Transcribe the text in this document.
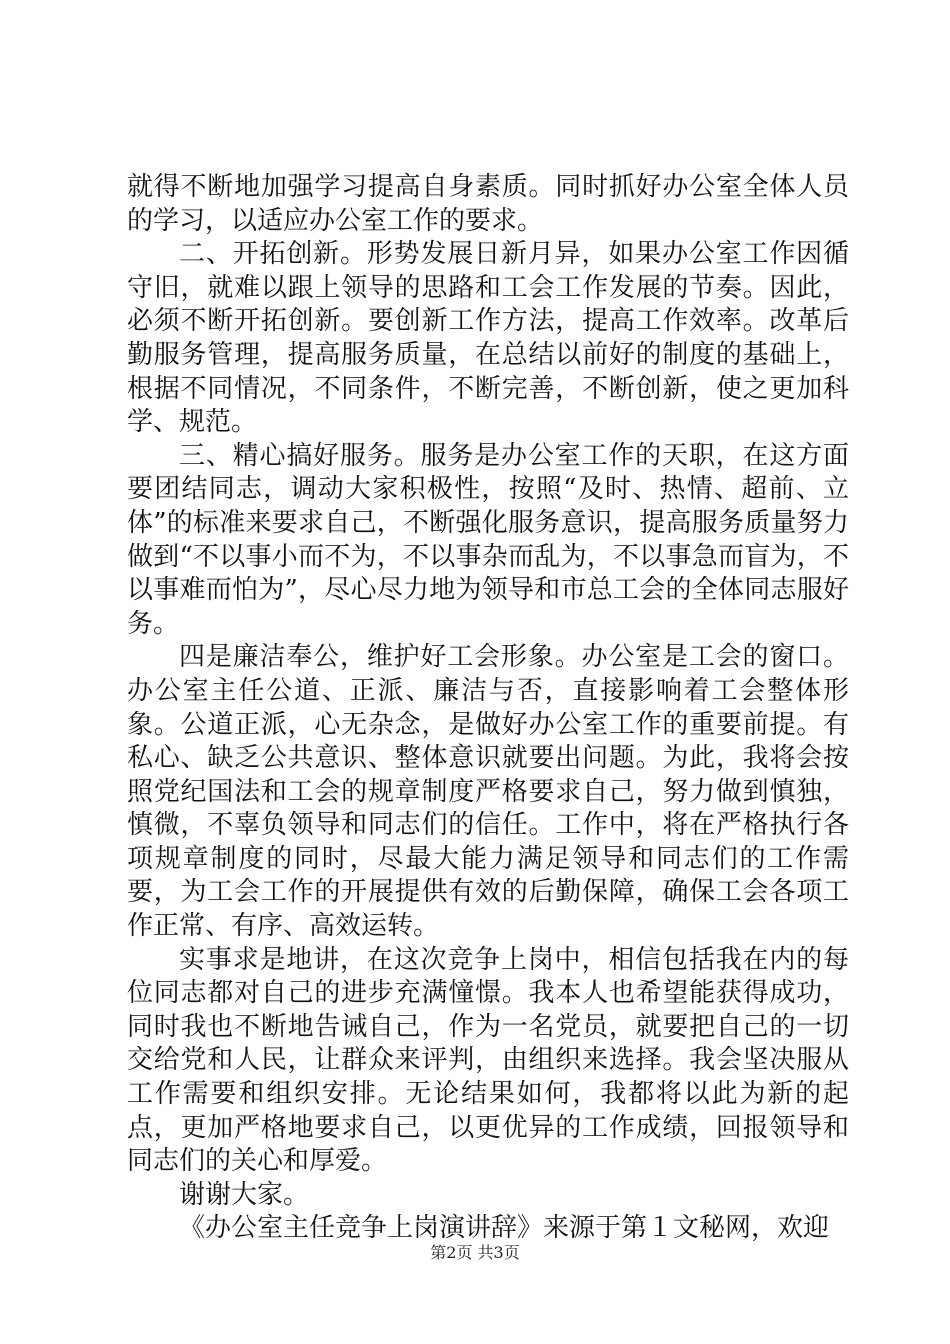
就得不断地加强学习提高自身素质。同时抓好办公室全体人员的学习，以适应办公室工作的要求。

二、开拓创新。形势发展日新月异，如果办公室工作因循守旧，就难以跟上领导的思路和工会工作发展的节奏。因此，必须不断开拓创新。要创新工作方法，提高工作效率。改革后勤服务管理，提高服务质量，在总结以前好的制度的基础上，根据不同情况，不同条件，不断完善，不断创新，使之更加科学、规范。

三、精心搞好服务。服务是办公室工作的天职，在这方面要团结同志，调动大家积极性，按照“及时、热情、超前、立体”的标准来要求自己，不断强化服务意识，提高服务质量努力做到“不以事小而不为，不以事杂而乱为，不以事急而盲为，不以事难而怕为”，尽心尽力地为领导和市总工会的全体同志服好务。

四是廉洁奉公，维护好工会形象。办公室是工会的窗口。办公室主任公道、正派、廉洁与否，直接影响着工会整体形象。公道正派，心无杂念，是做好办公室工作的重要前提。有私心、缺乏公共意识、整体意识就要出问题。为此，我将会按照党纪国法和工会的规章制度严格要求自己，努力做到慎独，慎微，不辜负领导和同志们的信任。工作中，将在严格执行各项规章制度的同时，尽最大能力满足领导和同志们的工作需要，为工会工作的开展提供有效的后勤保障，确保工会各项工作正常、有序、高效运转。

实事求是地讲，在这次竞争上岗中，相信包括我在内的每位同志都对自己的进步充满憧憬。我本人也希望能获得成功，同时我也不断地告诫自己，作为一名党员，就要把自己的一切交给党和人民，让群众来评判，由组织来选择。我会坚决服从工作需要和组织安排。无论结果如何，我都将以此为新的起点，更加严格地要求自己，以更优异的工作成绩，回报领导和同志们的关心和厚爱。

谢谢大家。

《办公室主任竞争上岗演讲辞》来源于第１文秘网，欢迎

第2页 共3页
